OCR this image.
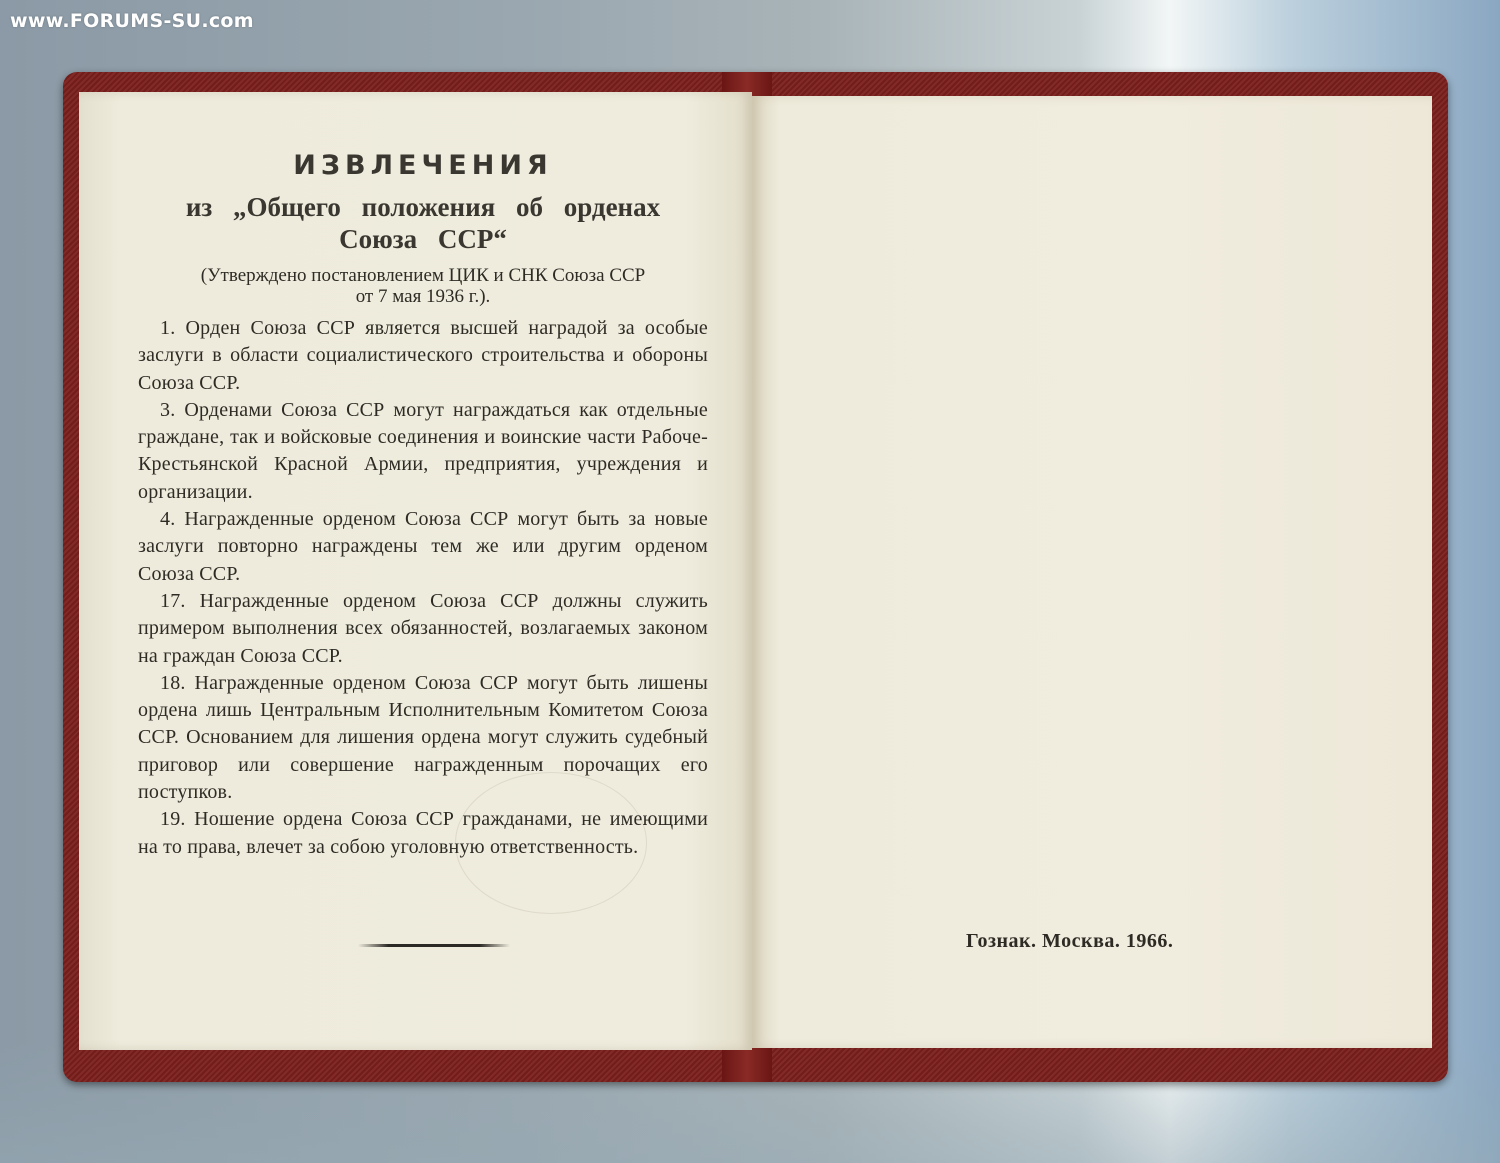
www.FORUMS-SU.com
ИЗВЛЕЧЕНИЯ

из „Общего положения об орденах

Союза ССР“

(Утверждено постановлением ЦИК и СНК Союза ССР
от 7 мая 1936 г.).

1. Орден Союза ССР является высшей наградой за особые заслуги в области социалистического строительства и обороны Союза ССР.

3. Орденами Союза ССР могут награждаться как отдельные граждане, так и войсковые соединения и воинские части Рабоче-Крестьянской Красной Армии, предприятия, учреждения и организации.

4. Награжденные орденом Союза ССР могут быть за новые заслуги повторно награждены тем же или другим орденом Союза ССР.

17. Награжденные орденом Союза ССР должны служить примером выполнения всех обязанностей, возлагаемых законом на граждан Союза ССР.

18. Награжденные орденом Союза ССР могут быть лишены ордена лишь Центральным Исполнительным Комитетом Союза ССР. Основанием для лишения ордена могут служить судебный приговор или совершение награжденным порочащих его поступков.

19. Ношение ордена Союза ССР гражданами, не имеющими на то права, влечет за собою уголовную ответственность.

Гознак. Москва. 1966.
